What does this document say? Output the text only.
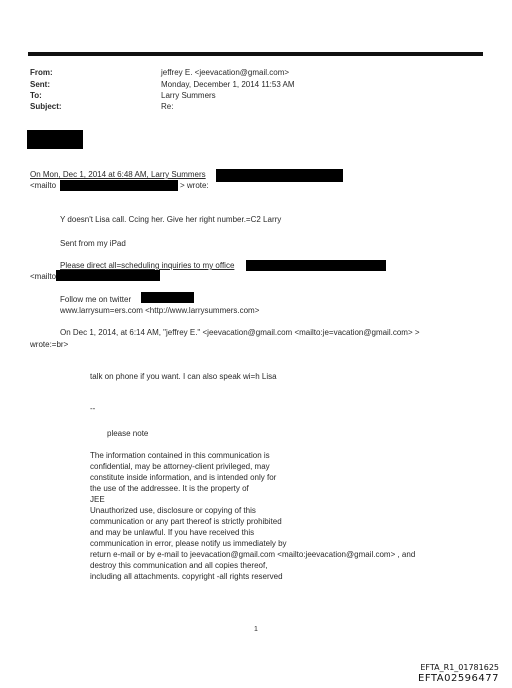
From:	jeffrey E. <jeevacation@gmail.com>
Sent:	Monday, December 1, 2014 11:53 AM
To:	Larry Summers
Subject:	Re:
On Mon, Dec 1, 2014 at 6:48 AM, Larry Summers
<mailto	> wrote:
Y doesn't Lisa call. Ccing her. Give her right number.=C2 Larry
Sent from my iPad
Please direct all=scheduling inquiries to my office
<mailto
Follow me on twitter
www.larrysum=ers.com <http://www.larrysummers.com>
On Dec 1, 2014, at 6:14 AM, "jeffrey E." <jeevacation@gmail.com <mailto:je=vacation@gmail.com> >
wrote:=br>
talk on phone if you want. I can also speak wi=h Lisa
--
please note
The information contained in this communication is
confidential, may be attorney-client privileged, may
constitute inside information, and is intended only for
the use of the addressee. It is the property of
JEE
Unauthorized use, disclosure or copying of this
communication or any part thereof is strictly prohibited
and may be unlawful. If you have received this
communication in error, please notify us immediately by
return e-mail or by e-mail to jeevacation@gmail.com <mailto:jeevacation@gmail.com> , and
destroy this communication and all copies thereof,
including all attachments. copyright -all rights reserved
1
EFTA_R1_01781625
EFTA02596477
